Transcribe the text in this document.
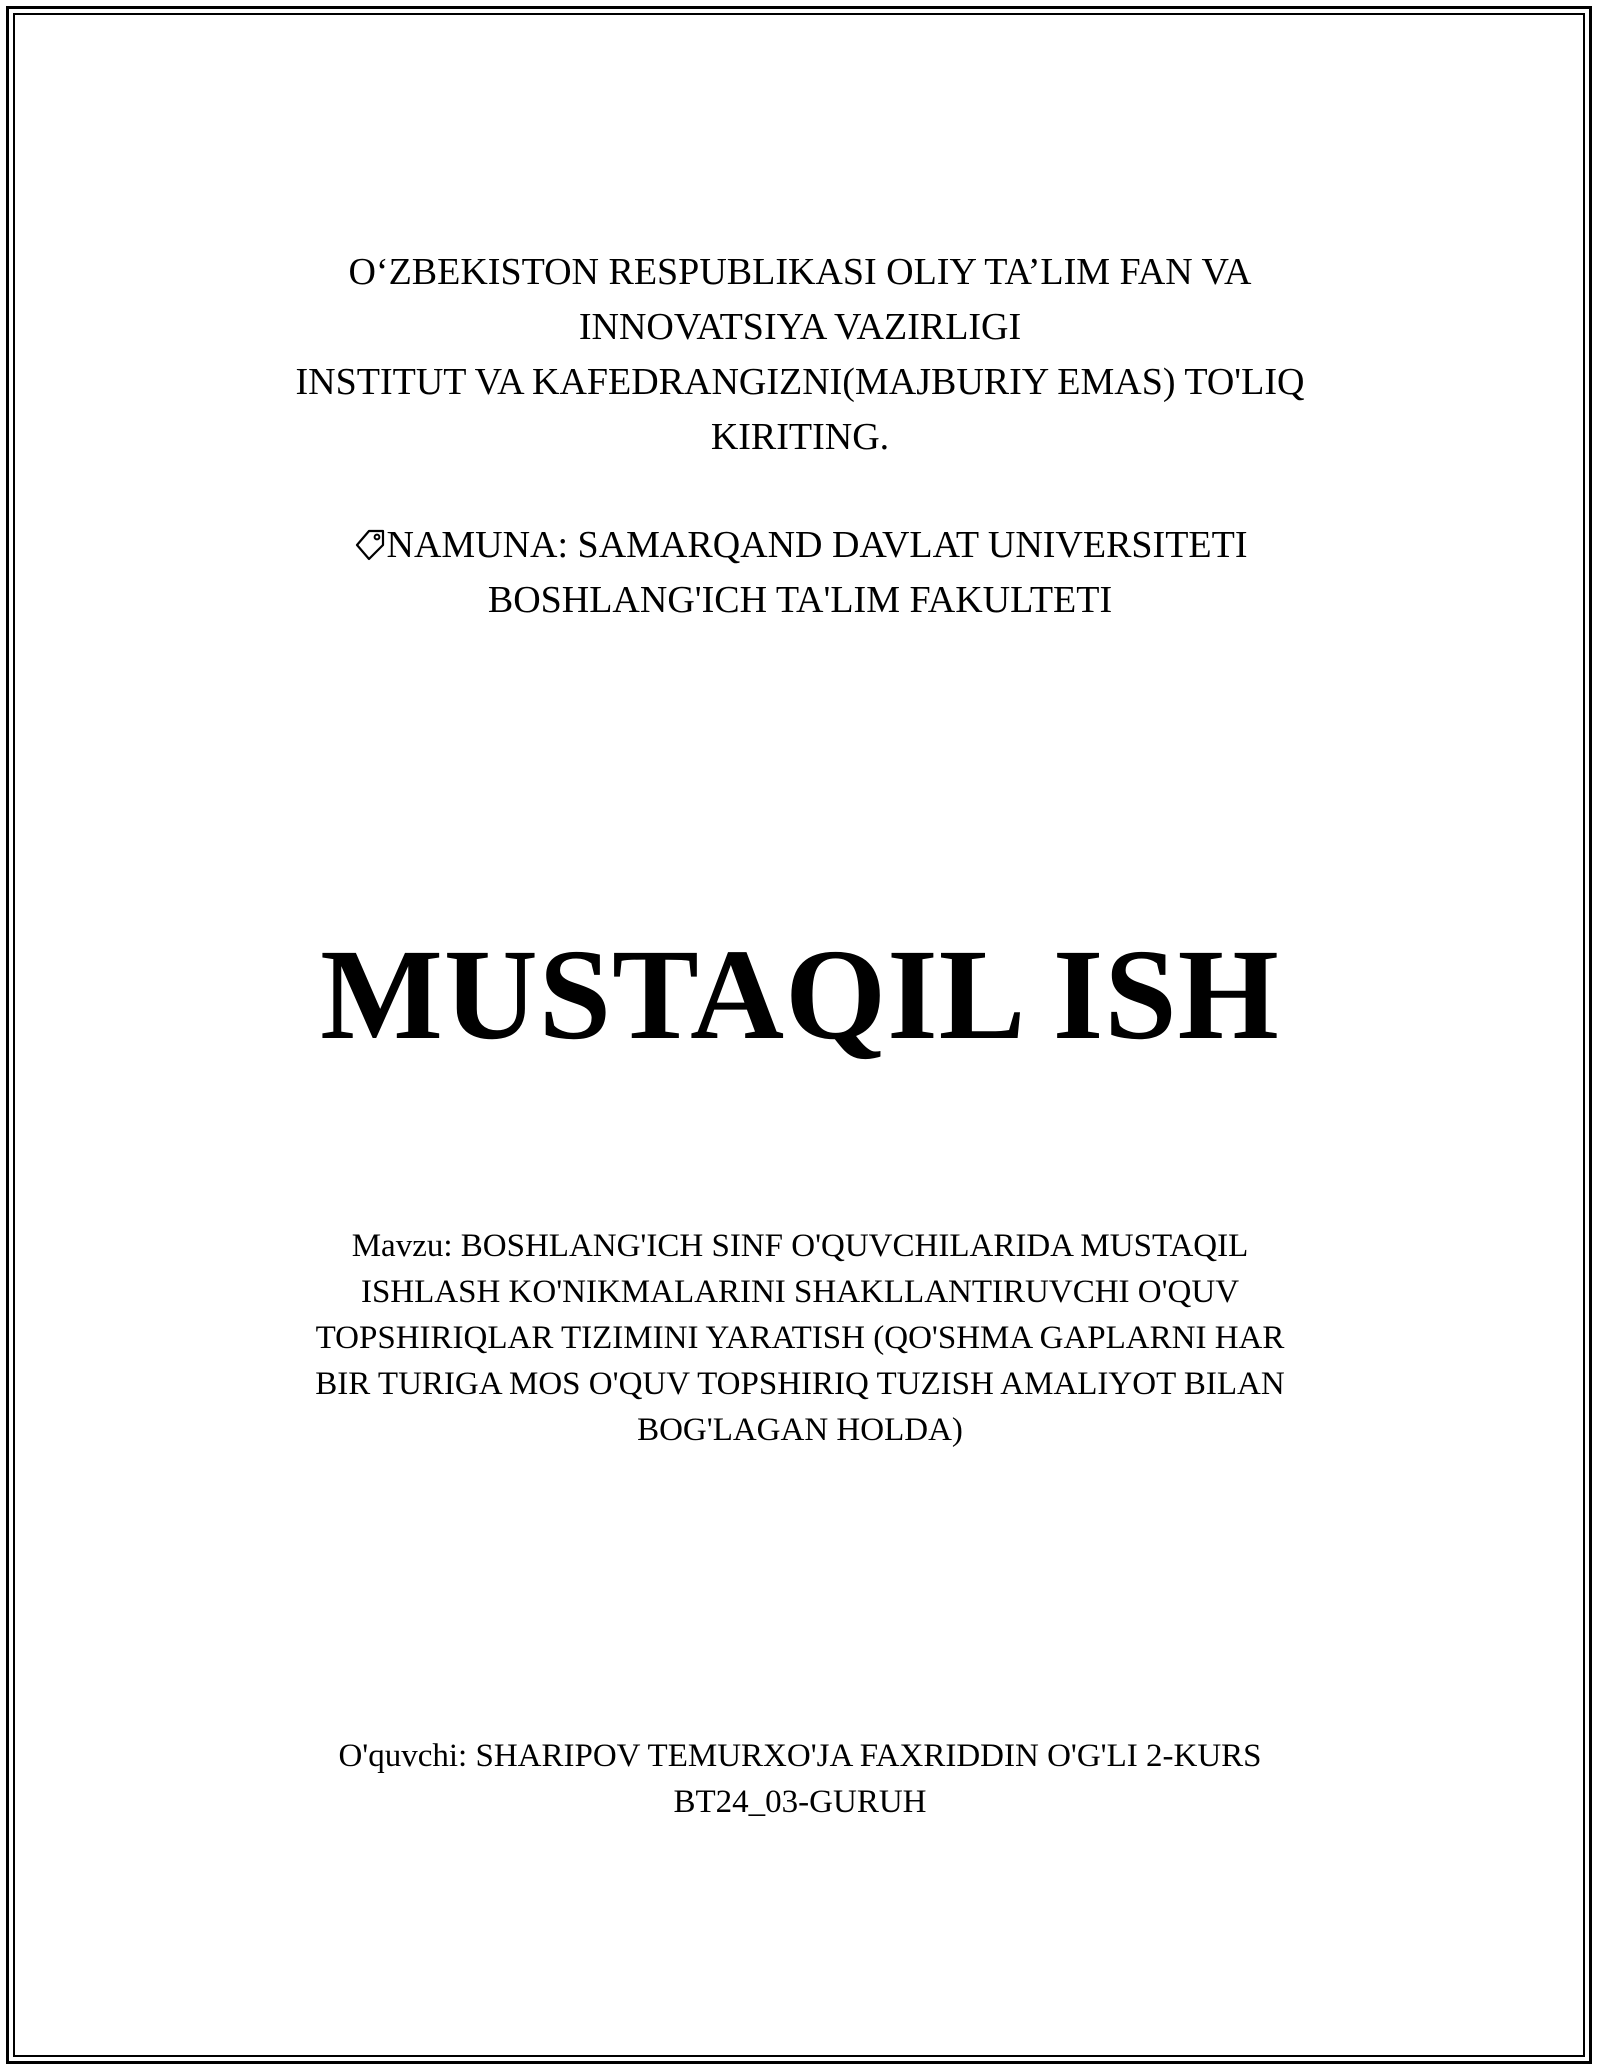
O‘ZBEKISTON RESPUBLIKASI OLIY TA’LIM FAN VA
INNOVATSIYA VAZIRLIGI
INSTITUT VA KAFEDRANGIZNI(MAJBURIY EMAS) TO'LIQ
KIRITING.
NAMUNA: SAMARQAND DAVLAT UNIVERSITETI
BOSHLANG'ICH TA'LIM FAKULTETI
MUSTAQIL ISH
Mavzu: BOSHLANG'ICH SINF O'QUVCHILARIDA MUSTAQIL
ISHLASH KO'NIKMALARINI SHAKLLANTIRUVCHI O'QUV
TOPSHIRIQLAR TIZIMINI YARATISH (QO'SHMA GAPLARNI HAR
BIR TURIGA MOS O'QUV TOPSHIRIQ TUZISH AMALIYOT BILAN
BOG'LAGAN HOLDA)
O'quvchi: SHARIPOV TEMURXO'JA FAXRIDDIN O'G'LI 2-KURS
BT24_03-GURUH
